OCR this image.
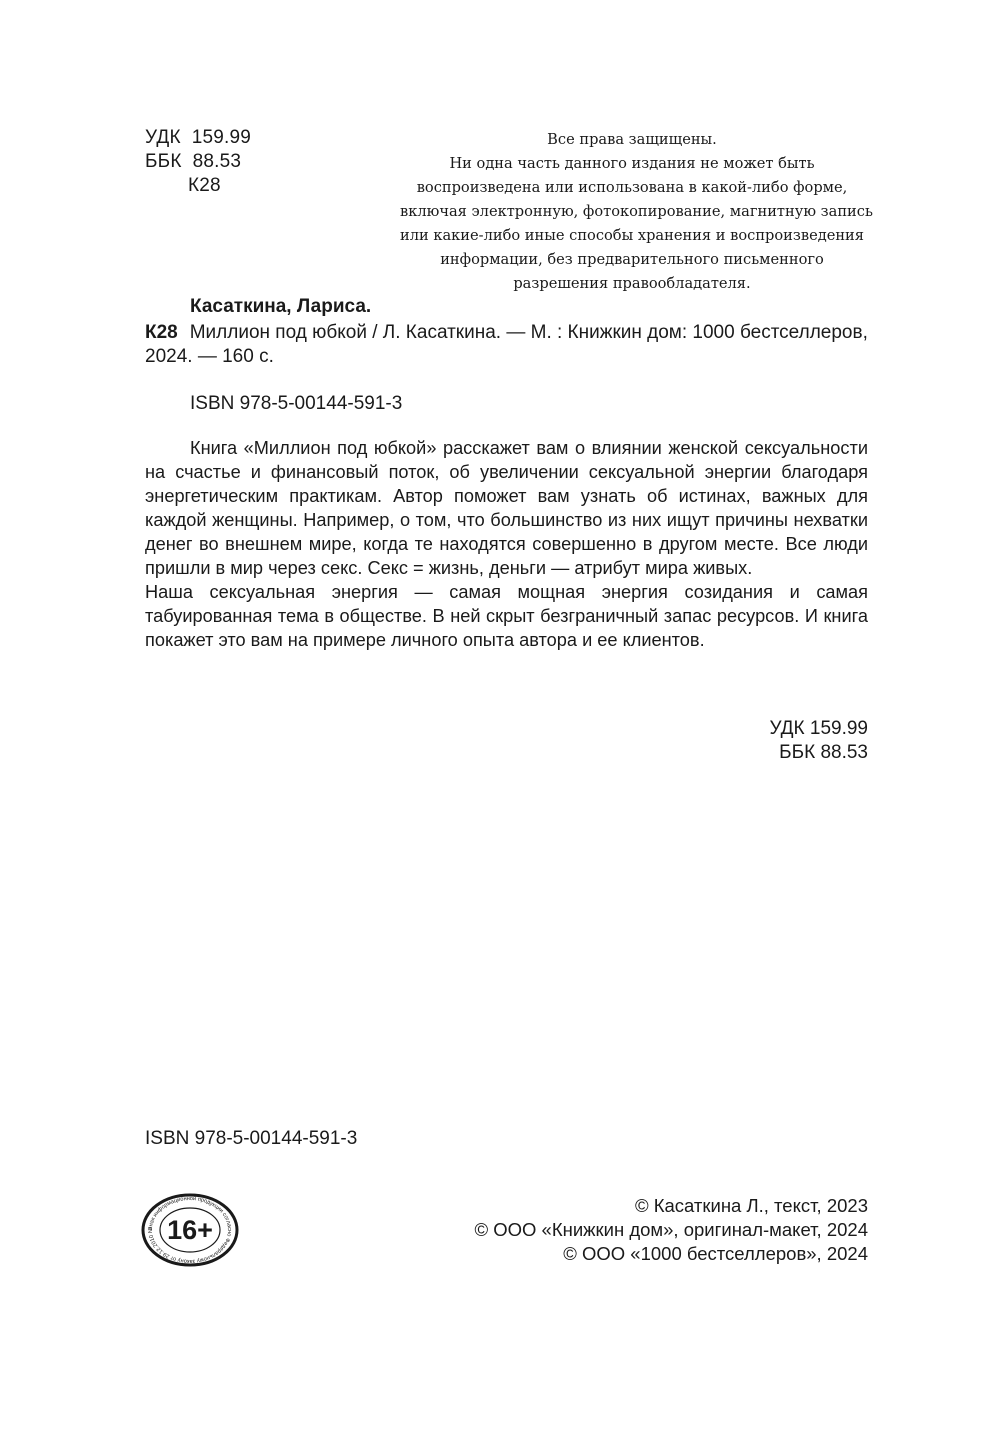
УДК 159.99
ББК 88.53
К28
Все права защищены.
Ни одна часть данного издания не может быть
воспроизведена или использована в какой-либо форме,
включая электронную, фотокопирование, магнитную запись
или какие-либо иные способы хранения и воспроизведения
информации, без предварительного письменного
разрешения правообладателя.
Касаткина, Лариса.
К28 Миллион под юбкой / Л. Касаткина. — М. : Книжкин дом: 1000 бестселлеров,
2024. — 160 с.
ISBN 978-5-00144-591-3

Книга «Миллион под юбкой» расскажет вам о влиянии женской сексуальности на счастье и финансовый поток, об увеличении сексуальной энергии благодаря энергетическим практикам. Автор поможет вам узнать об истинах, важных для каждой женщины. Например, о том, что большинство из них ищут причины нехватки денег во внешнем мире, когда те находятся совершенно в другом месте. Все люди пришли в мир через секс. Секс = жизнь, деньги — атрибут мира живых.

Наша сексуальная энергия — самая мощная энергия созидания и самая табуированная тема в обществе. В ней скрыт безграничный запас ресурсов. И книга покажет это вам на примере личного опыта автора и ее клиентов.

УДК 159.99
ББК 88.53
ISBN 978-5-00144-591-3
Знак информационной продукции согласно Федеральному закону от 29.12.2010 № 16+
© Касаткина Л., текст, 2023
© ООО «Книжкин дом», оригинал-макет, 2024
© ООО «1000 бестселлеров», 2024
